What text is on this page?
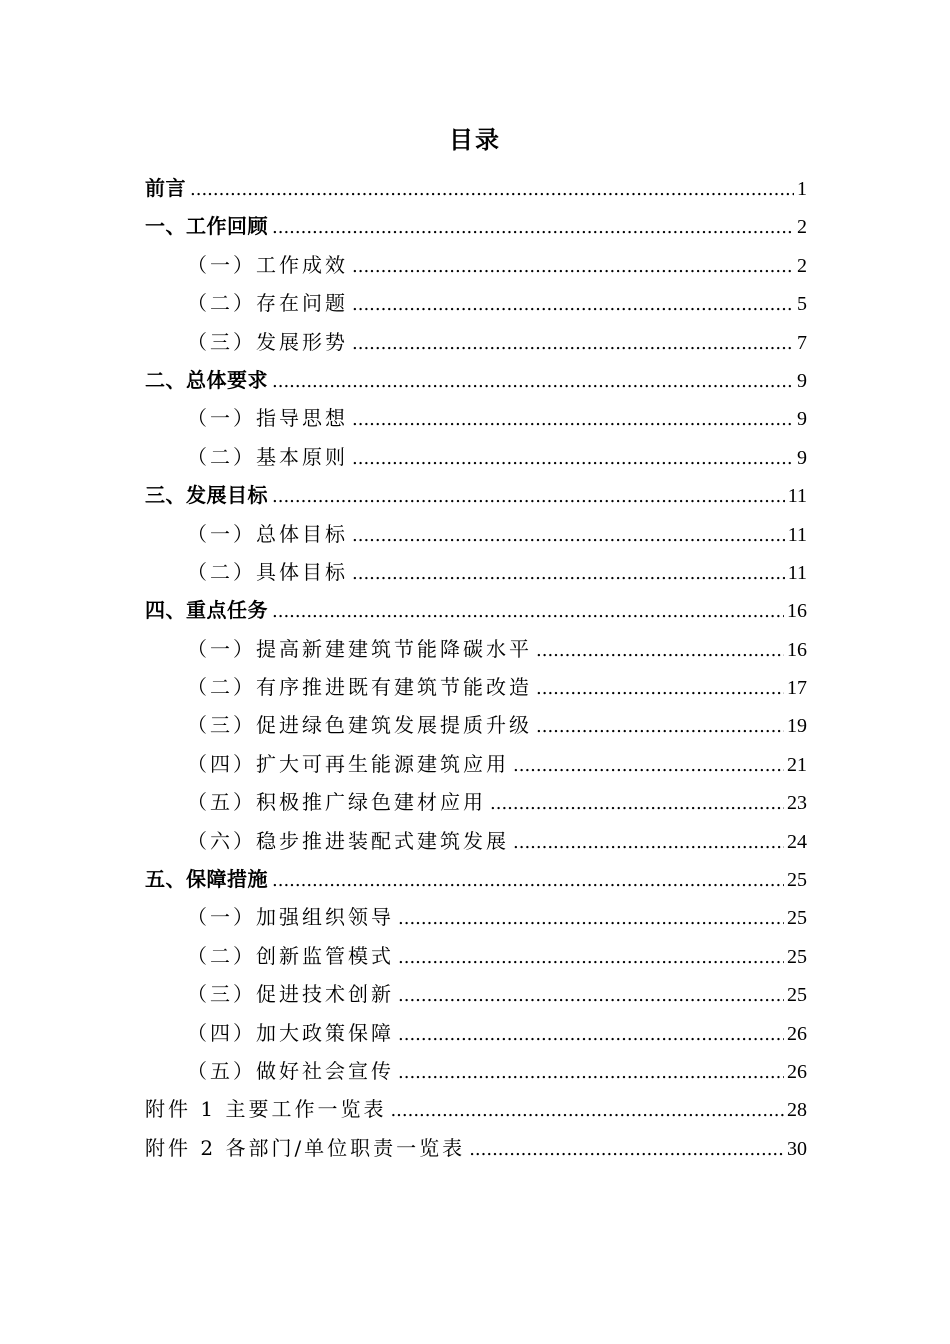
目录
前言 .....	1
一、工作回顾 .....	2
（一）工作成效 .....	2
（二）存在问题 .....	5
（三）发展形势 .....	7
二、总体要求 .....	9
（一）指导思想 .....	9
（二）基本原则 .....	9
三、发展目标 .....	11
（一）总体目标 .....	11
（二）具体目标 .....	11
四、重点任务 .....	16
（一）提高新建建筑节能降碳水平 .....	16
（二）有序推进既有建筑节能改造 .....	17
（三）促进绿色建筑发展提质升级 .....	19
（四）扩大可再生能源建筑应用 .....	21
（五）积极推广绿色建材应用 .....	23
（六）稳步推进装配式建筑发展 .....	24
五、保障措施 .....	25
（一）加强组织领导 .....	25
（二）创新监管模式 .....	25
（三）促进技术创新 .....	25
（四）加大政策保障 .....	26
（五）做好社会宣传 .....	26
附件 1 主要工作一览表 .....	28
附件 2 各部门/单位职责一览表 .....	30
